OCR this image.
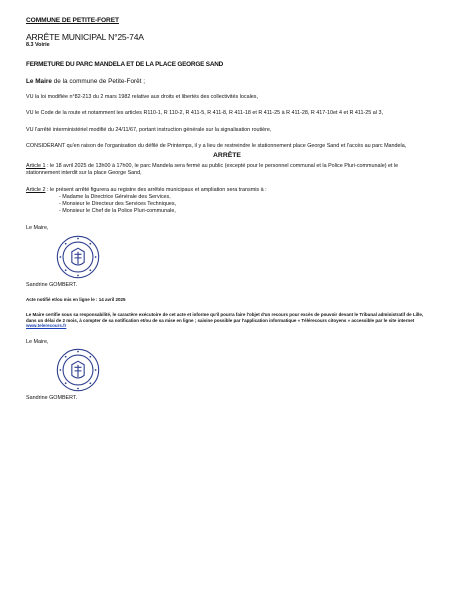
COMMUNE DE PETITE-FORET
ARRÊTE MUNICIPAL N°25-74A
8.3 Voirie
FERMETURE DU PARC MANDELA ET DE LA PLACE GEORGE SAND
Le Maire de la commune de Petite-Forêt ;

VU la loi modifiée n°82-213 du 2 mars 1982 relative aux droits et libertés des collectivités locales,

VU le Code de la route et notamment les articles R110-1, R 110-2, R 411-5, R 411-8, R 411-18 et R 411-25 à R 411-28, R 417-10et 4 et R 411-25 al 3,

VU l'arrêté interministériel modifié du 24/11/67, portant instruction générale sur la signalisation routière,

CONSIDÉRANT qu'en raison de l'organisation du défilé de Printemps, il y a lieu de restreindre le stationnement place George Sand et l'accès au parc Mandela,

ARRÊTE

Article 1 : le 18 avril 2025 de 13h00 à 17h00, le parc Mandela sera fermé au public (excepté pour le personnel communal et la Police Pluri-communale) et le stationnement interdit sur la place George Sand,

Article 2 : le présent arrêté figurera au registre des arrêtés municipaux et ampliation sera transmis à :

- Madame la Directrice Générale des Services,
- Monsieur le Directeur des Services Techniques,
- Monsieur le Chef de la Police Pluri-communale,
Le Maire,
Sandrine GOMBERT.
Acte notifié et/ou mis en ligne le : 14 avril 2025

Le Maire certifie sous sa responsabilité, le caractère exécutoire de cet acte et informe qu'il pourra faire l'objet d'un recours pour excès de pouvoir devant le Tribunal administratif de Lille, dans un délai de 2 mois, à compter de sa notification et/ou de sa mise en ligne ; saisine possible par l'application informatique « Télérecours citoyens » accessible par le site internet www.telerecours.fr

Le Maire,
Sandrine GOMBERT.
